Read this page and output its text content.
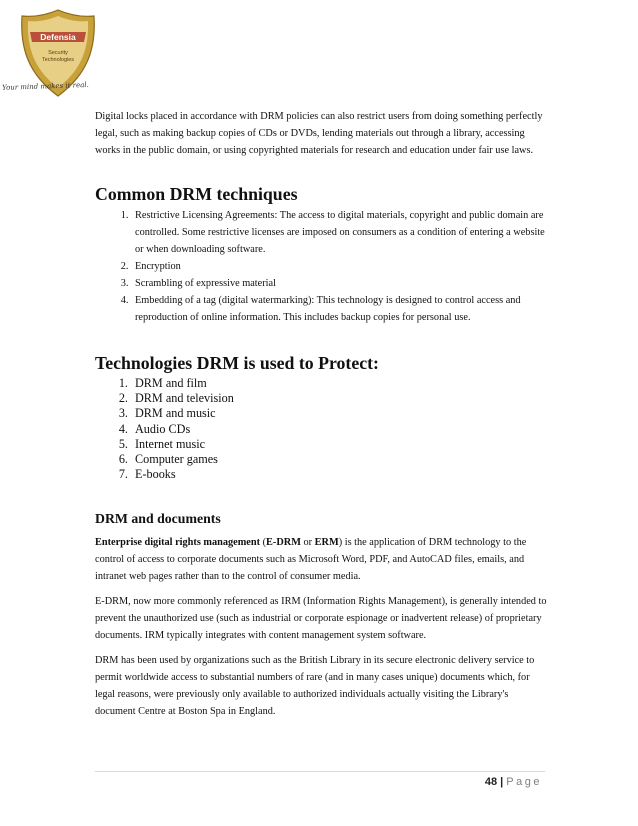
Defensia
Security
Technologies
Your mind makes it real.

Digital locks placed in accordance with DRM policies can also restrict users from doing something perfectly legal, such as making backup copies of CDs or DVDs, lending materials out through a library, accessing works in the public domain, or using copyrighted materials for research and education under fair use laws.

Common DRM techniques
1. Restrictive Licensing Agreements: The access to digital materials, copyright and public domain are controlled. Some restrictive licenses are imposed on consumers as a condition of entering a website or when downloading software.
2. Encryption
3. Scrambling of expressive material
4. Embedding of a tag (digital watermarking): This technology is designed to control access and reproduction of online information. This includes backup copies for personal use.
Technologies DRM is used to Protect:
1. DRM and film
2. DRM and television
3. DRM and music
4. Audio CDs
5. Internet music
6. Computer games
7. E-books
DRM and documents

Enterprise digital rights management (E-DRM or ERM) is the application of DRM technology to the control of access to corporate documents such as Microsoft Word, PDF, and AutoCAD files, emails, and intranet web pages rather than to the control of consumer media.

E-DRM, now more commonly referenced as IRM (Information Rights Management), is generally intended to prevent the unauthorized use (such as industrial or corporate espionage or inadvertent release) of proprietary documents. IRM typically integrates with content management system software.

DRM has been used by organizations such as the British Library in its secure electronic delivery service to permit worldwide access to substantial numbers of rare (and in many cases unique) documents which, for legal reasons, were previously only available to authorized individuals actually visiting the Library's document Centre at Boston Spa in England.

48 | Page
